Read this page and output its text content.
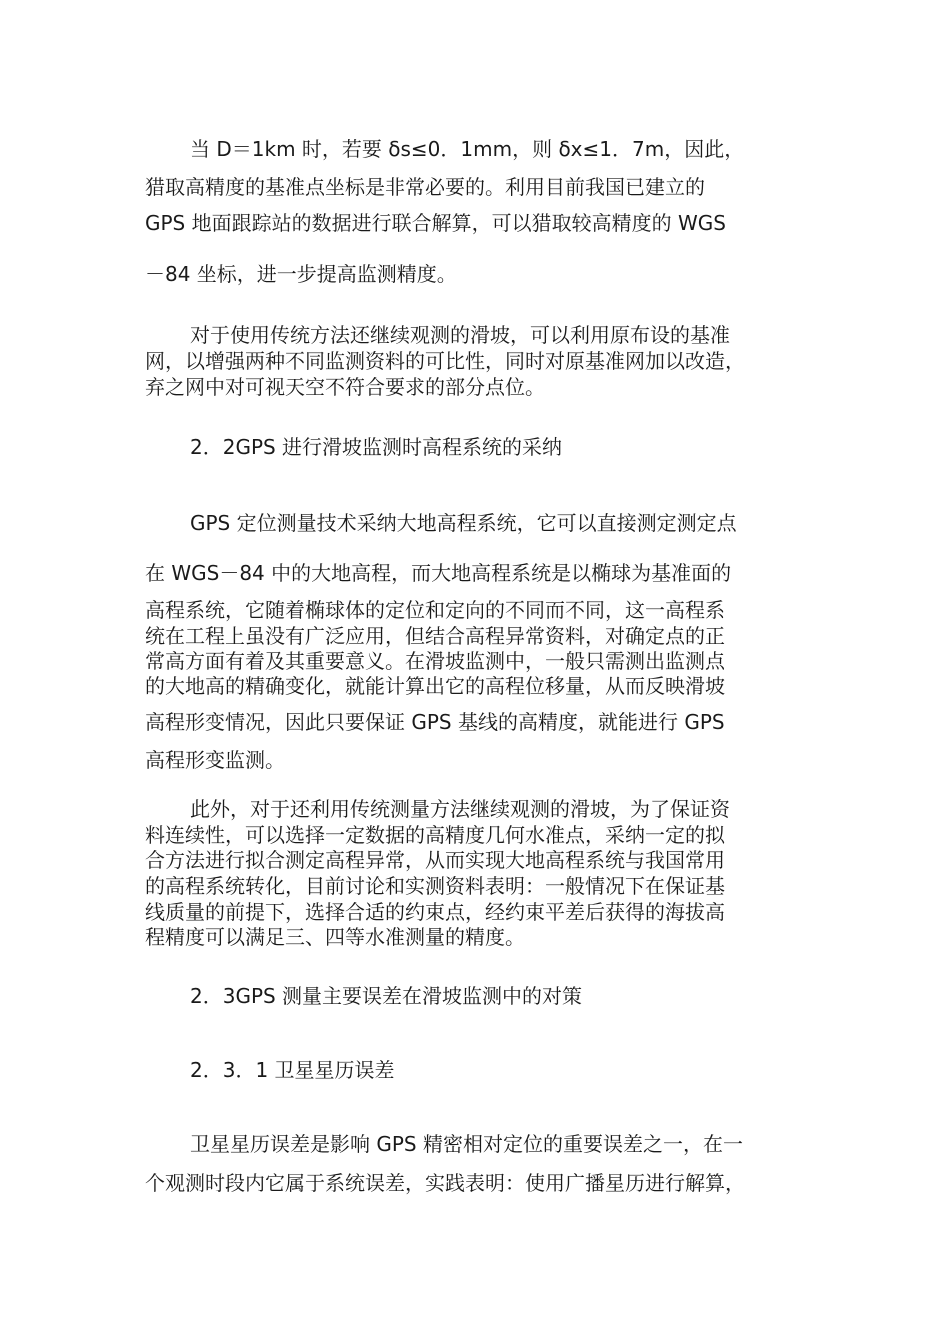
当 D＝1km 时，若要 δs≤0．1mm，则 δx≤1．7m，因此，
猎取高精度的基准点坐标是非常必要的。利用目前我国已建立的
GPS 地面跟踪站的数据进行联合解算，可以猎取较高精度的 WGS
－84 坐标，进一步提高监测精度。
对于使用传统方法还继续观测的滑坡，可以利用原布设的基准
网，以增强两种不同监测资料的可比性，同时对原基准网加以改造，
弃之网中对可视天空不符合要求的部分点位。
2．2GPS 进行滑坡监测时高程系统的采纳
GPS 定位测量技术采纳大地高程系统，它可以直接测定测定点
在 WGS－84 中的大地高程，而大地高程系统是以椭球为基准面的
高程系统，它随着椭球体的定位和定向的不同而不同，这一高程系
统在工程上虽没有广泛应用，但结合高程异常资料，对确定点的正
常高方面有着及其重要意义。在滑坡监测中，一般只需测出监测点
的大地高的精确变化，就能计算出它的高程位移量，从而反映滑坡
高程形变情况，因此只要保证 GPS 基线的高精度，就能进行 GPS
高程形变监测。
此外，对于还利用传统测量方法继续观测的滑坡，为了保证资
料连续性，可以选择一定数据的高精度几何水准点，采纳一定的拟
合方法进行拟合测定高程异常，从而实现大地高程系统与我国常用
的高程系统转化，目前讨论和实测资料表明：一般情况下在保证基
线质量的前提下，选择合适的约束点，经约束平差后获得的海拔高
程精度可以满足三、四等水准测量的精度。
2．3GPS 测量主要误差在滑坡监测中的对策
2．3．1 卫星星历误差
卫星星历误差是影响 GPS 精密相对定位的重要误差之一，在一
个观测时段内它属于系统误差，实践表明：使用广播星历进行解算，
